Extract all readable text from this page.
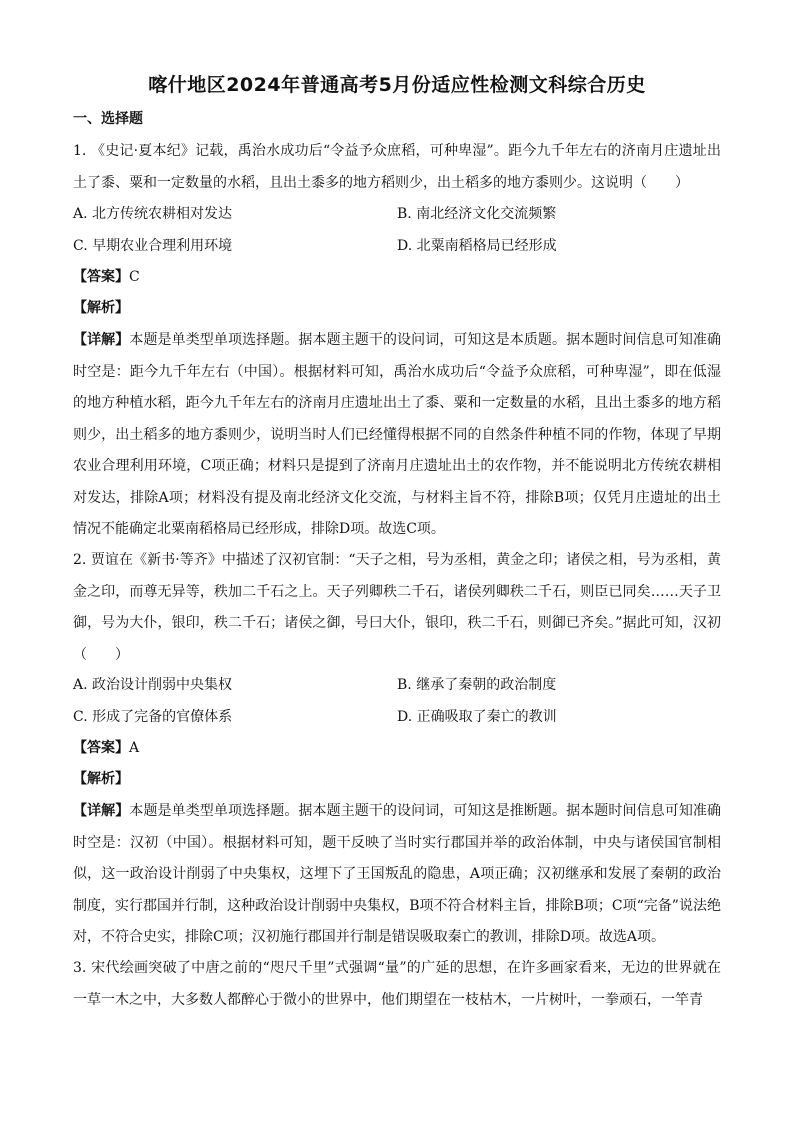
喀什地区2024年普通高考5月份适应性检测文科综合历史
一、选择题
1. 《史记·夏本纪》记载，禹治水成功后“令益予众庶稻，可种卑湿”。距今九千年左右的济南月庄遗址出土了黍、粟和一定数量的水稻，且出土黍多的地方稻则少，出土稻多的地方黍则少。这说明（　　）
A. 北方传统农耕相对发达	B. 南北经济文化交流频繁
C. 早期农业合理利用环境	D. 北粟南稻格局已经形成
【答案】C
【解析】
【详解】本题是单类型单项选择题。据本题主题干的设问词，可知这是本质题。据本题时间信息可知准确时空是：距今九千年左右（中国）。根据材料可知，禹治水成功后“令益予众庶稻，可种卑湿”，即在低湿的地方种植水稻，距今九千年左右的济南月庄遗址出土了黍、粟和一定数量的水稻，且出土黍多的地方稻则少，出土稻多的地方黍则少，说明当时人们已经懂得根据不同的自然条件种植不同的作物，体现了早期农业合理利用环境，C项正确；材料只是提到了济南月庄遗址出土的农作物，并不能说明北方传统农耕相对发达，排除A项；材料没有提及南北经济文化交流，与材料主旨不符，排除B项；仅凭月庄遗址的出土情况不能确定北粟南稻格局已经形成，排除D项。故选C项。
2. 贾谊在《新书·等齐》中描述了汉初官制：“天子之相，号为丞相，黄金之印；诸侯之相，号为丞相，黄金之印，而尊无异等，秩加二千石之上。天子列卿秩二千石，诸侯列卿秩二千石，则臣已同矣……天子卫御，号为大仆，银印，秩二千石；诸侯之御，号曰大仆，银印，秩二千石，则御已齐矣。”据此可知，汉初（　　）
A. 政治设计削弱中央集权	B. 继承了秦朝的政治制度
C. 形成了完备的官僚体系	D. 正确吸取了秦亡的教训
【答案】A
【解析】
【详解】本题是单类型单项选择题。据本题主题干的设问词，可知这是推断题。据本题时间信息可知准确时空是：汉初（中国）。根据材料可知，题干反映了当时实行郡国并举的政治体制，中央与诸侯国官制相似，这一政治设计削弱了中央集权，这埋下了王国叛乱的隐患，A项正确；汉初继承和发展了秦朝的政治制度，实行郡国并行制，这种政治设计削弱中央集权，B项不符合材料主旨，排除B项；C项“完备”说法绝对，不符合史实，排除C项；汉初施行郡国并行制是错误吸取秦亡的教训，排除D项。故选A项。
3. 宋代绘画突破了中唐之前的“咫尺千里”式强调“量”的广延的思想，在许多画家看来，无边的世界就在一草一木之中，大多数人都醉心于微小的世界中，他们期望在一枝枯木，一片树叶，一拳顽石，一竿青
